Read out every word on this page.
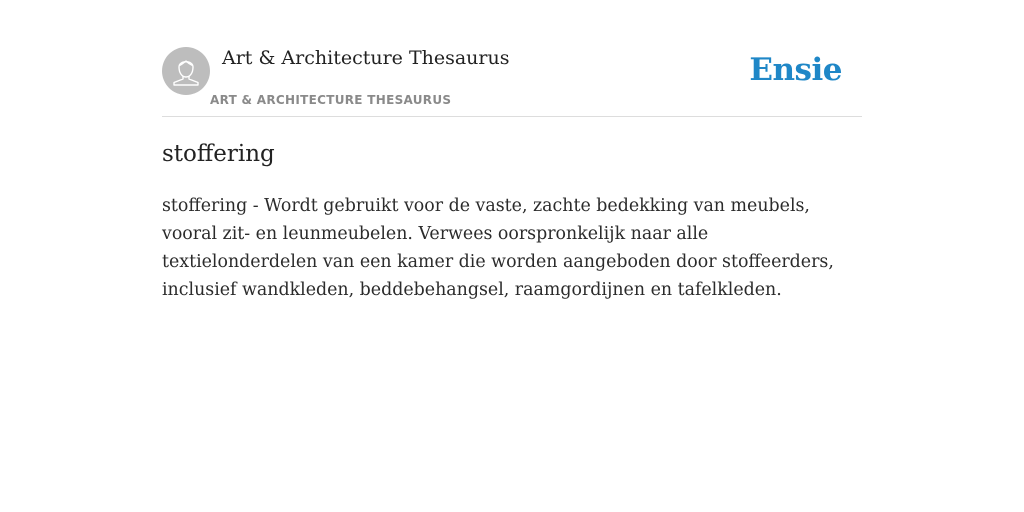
Art & Architecture Thesaurus
ART & ARCHITECTURE THESAURUS
Ensie
stoffering

stoffering - Wordt gebruikt voor de vaste, zachte bedekking van meubels, vooral zit- en leunmeubelen. Verwees oorspronkelijk naar alle textielonderdelen van een kamer die worden aangeboden door stoffeerders, inclusief wandkleden, beddebehangsel, raamgordijnen en tafelkleden.
